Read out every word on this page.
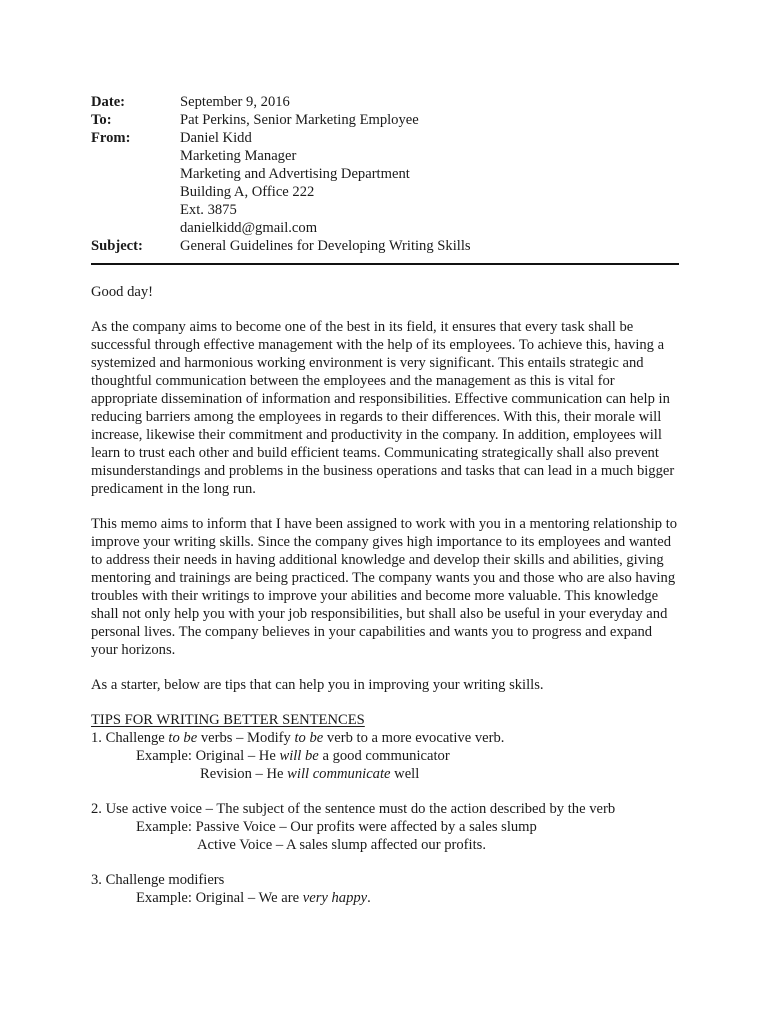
Date:	September 9, 2016
To:	Pat Perkins, Senior Marketing Employee
From:	Daniel Kidd
Marketing Manager
Marketing and Advertising Department
Building A, Office 222
Ext. 3875
danielkidd@gmail.com
Subject:	General Guidelines for Developing Writing Skills
Good day!

As the company aims to become one of the best in its field, it ensures that every task shall be successful through effective management with the help of its employees. To achieve this, having a systemized and harmonious working environment is very significant. This entails strategic and thoughtful communication between the employees and the management as this is vital for appropriate dissemination of information and responsibilities. Effective communication can help in reducing barriers among the employees in regards to their differences. With this, their morale will increase, likewise their commitment and productivity in the company. In addition, employees will learn to trust each other and build efficient teams. Communicating strategically shall also prevent misunderstandings and problems in the business operations and tasks that can lead in a much bigger predicament in the long run.

This memo aims to inform that I have been assigned to work with you in a mentoring relationship to improve your writing skills. Since the company gives high importance to its employees and wanted to address their needs in having additional knowledge and develop their skills and abilities, giving mentoring and trainings are being practiced. The company wants you and those who are also having troubles with their writings to improve your abilities and become more valuable. This knowledge shall not only help you with your job responsibilities, but shall also be useful in your everyday and personal lives. The company believes in your capabilities and wants you to progress and expand your horizons.

As a starter, below are tips that can help you in improving your writing skills.

TIPS FOR WRITING BETTER SENTENCES
1. Challenge to be verbs – Modify to be verb to a more evocative verb.
Example: Original – He will be a good communicator
Revision – He will communicate well
2. Use active voice – The subject of the sentence must do the action described by the verb
Example: Passive Voice – Our profits were affected by a sales slump
Active Voice – A sales slump affected our profits.
3. Challenge modifiers
Example: Original – We are very happy.
